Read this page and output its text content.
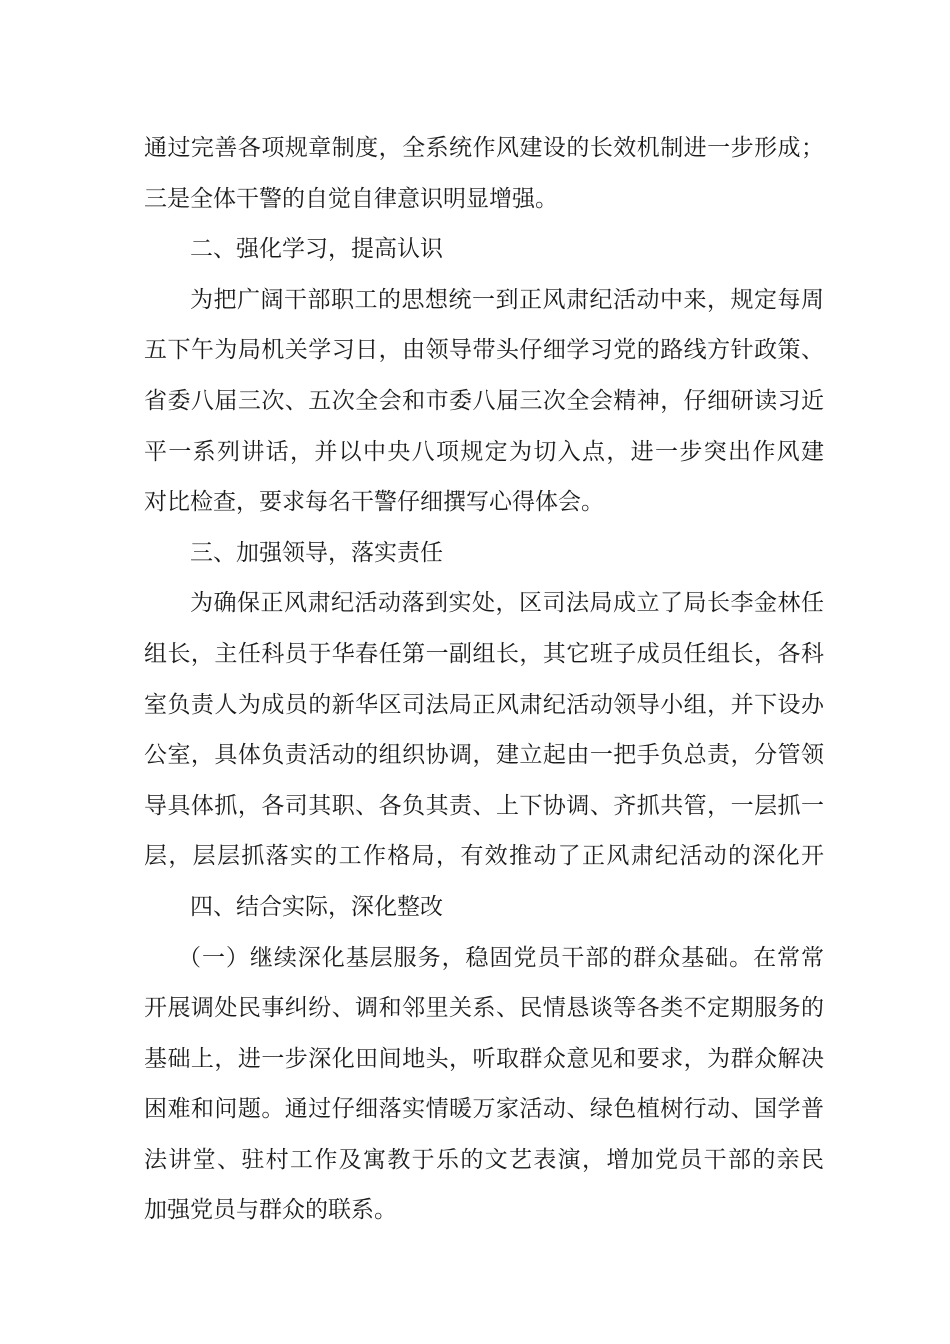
通过完善各项规章制度，全系统作风建设的长效机制进一步形成；
三是全体干警的自觉自律意识明显增强。
二、强化学习，提高认识
为把广阔干部职工的思想统一到正风肃纪活动中来，规定每周
五下午为局机关学习日，由领导带头仔细学习党的路线方针政策、
省委八届三次、五次全会和市委八届三次全会精神，仔细研读习近
平一系列讲话，并以中央八项规定为切入点，进一步突出作风建
对比检查，要求每名干警仔细撰写心得体会。
三、加强领导，落实责任
为确保正风肃纪活动落到实处，区司法局成立了局长李金林任
组长，主任科员于华春任第一副组长，其它班子成员任组长，各科
室负责人为成员的新华区司法局正风肃纪活动领导小组，并下设办
公室，具体负责活动的组织协调，建立起由一把手负总责，分管领
导具体抓，各司其职、各负其责、上下协调、齐抓共管，一层抓一
层，层层抓落实的工作格局，有效推动了正风肃纪活动的深化开
四、结合实际，深化整改
（一）继续深化基层服务，稳固党员干部的群众基础。在常常
开展调处民事纠纷、调和邻里关系、民情恳谈等各类不定期服务的
基础上，进一步深化田间地头，听取群众意见和要求，为群众解决
困难和问题。通过仔细落实情暖万家活动、绿色植树行动、国学普
法讲堂、驻村工作及寓教于乐的文艺表演，增加党员干部的亲民
加强党员与群众的联系。
